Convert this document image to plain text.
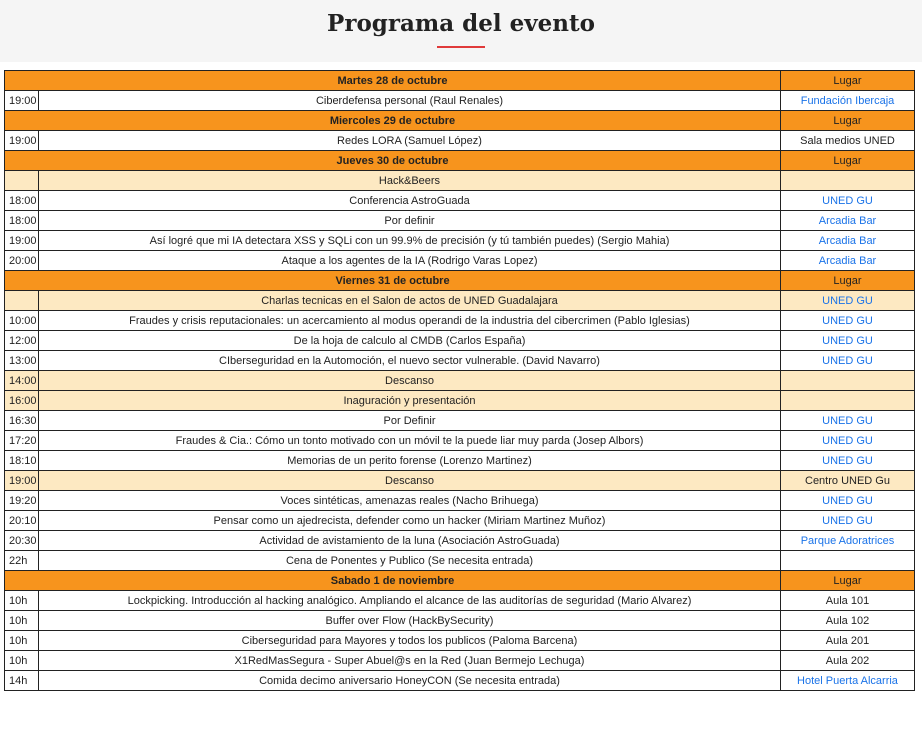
Programa del evento
Martes 28 de octubre		Lugar
19:00	Ciberdefensa personal (Raul Renales)	Fundación Ibercaja
Miercoles 29 de octubre		Lugar
19:00	Redes LORA (Samuel López)	Sala medios UNED
Jueves 30 de octubre		Lugar
	Hack&Beers	
18:00	Conferencia AstroGuada	UNED GU
18:00	Por definir	Arcadia Bar
19:00	Así logré que mi IA detectara XSS y SQLi con un 99.9% de precisión (y tú también puedes) (Sergio Mahia)	Arcadia Bar
20:00	Ataque a los agentes de la IA (Rodrigo Varas Lopez)	Arcadia Bar
Viernes 31 de octubre		Lugar
	Charlas tecnicas en el Salon de actos de UNED Guadalajara	UNED GU
10:00	Fraudes y crisis reputacionales: un acercamiento al modus operandi de la industria del cibercrimen (Pablo Iglesias)	UNED GU
12:00	De la hoja de calculo al CMDB (Carlos España)	UNED GU
13:00	CIberseguridad en la Automoción, el nuevo sector vulnerable. (David Navarro)	UNED GU
14:00	Descanso	
16:00	Inaguración y presentación	
16:30	Por Definir	UNED GU
17:20	Fraudes & Cia.: Cómo un tonto motivado con un móvil te la puede liar muy parda (Josep Albors)	UNED GU
18:10	Memorias de un perito forense (Lorenzo Martinez)	UNED GU
19:00	Descanso	Centro UNED Gu
19:20	Voces sintéticas, amenazas reales (Nacho Brihuega)	UNED GU
20:10	Pensar como un ajedrecista, defender como un hacker (Miriam Martinez Muñoz)	UNED GU
20:30	Actividad de avistamiento de la luna (Asociación AstroGuada)	Parque Adoratrices
22h	Cena de Ponentes y Publico (Se necesita entrada)	
Sabado 1 de noviembre		Lugar
10h	Lockpicking. Introducción al hacking analógico. Ampliando el alcance de las auditorías de seguridad (Mario Alvarez)	Aula 101
10h	Buffer over Flow (HackBySecurity)	Aula 102
10h	Ciberseguridad para Mayores y todos los publicos (Paloma Barcena)	Aula 201
10h	X1RedMasSegura - Super Abuel@s en la Red (Juan Bermejo Lechuga)	Aula 202
14h	Comida decimo aniversario HoneyCON (Se necesita entrada)	Hotel Puerta Alcarria
